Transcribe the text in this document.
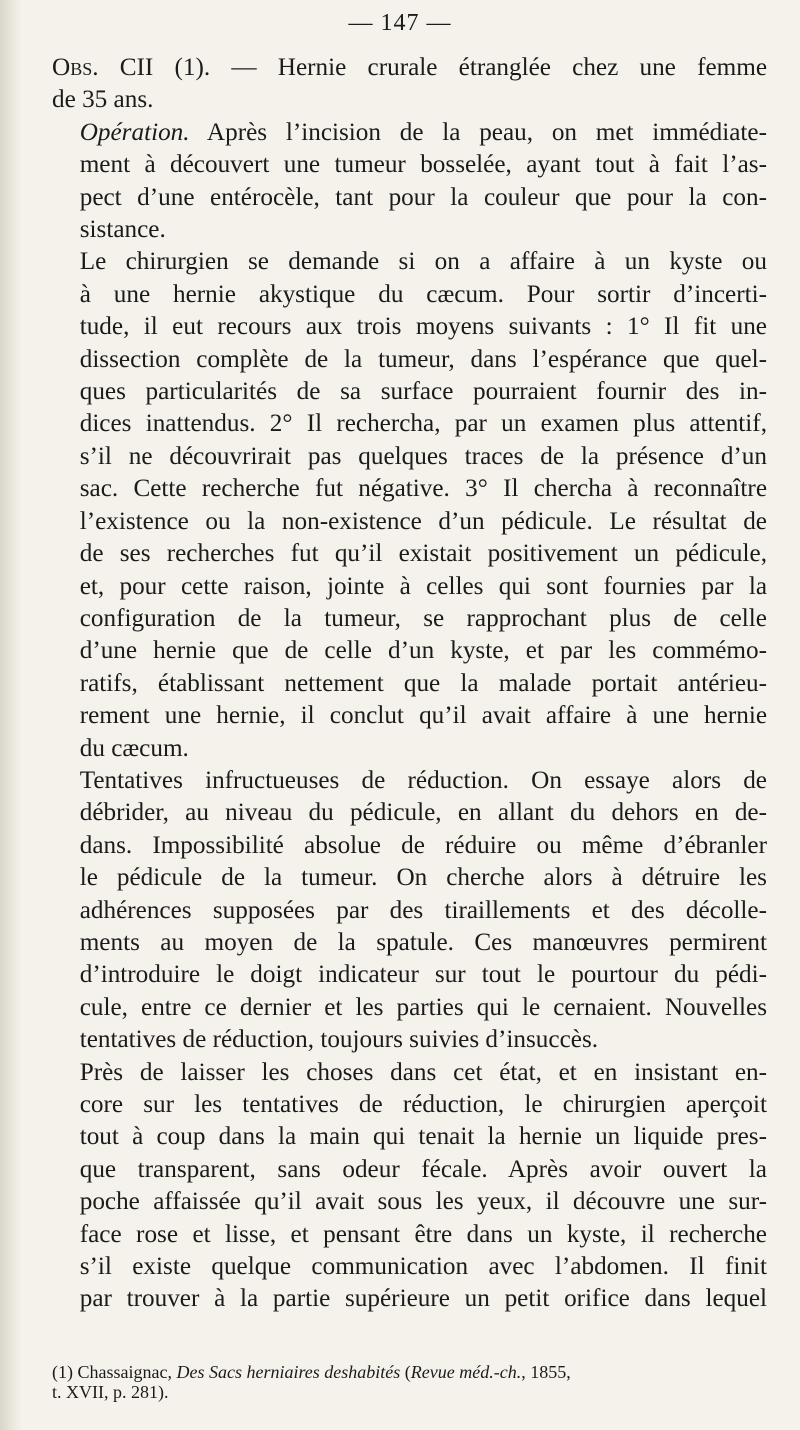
— 147 —

Obs. CII (1). — Hernie crurale étranglée chez une femme
de 35 ans.

Opération. Après l’incision de la peau, on met immédiate-
ment à découvert une tumeur bosselée, ayant tout à fait l’as-
pect d’une entérocèle, tant pour la couleur que pour la con-
sistance.

Le chirurgien se demande si on a affaire à un kyste ou
à une hernie akystique du cæcum. Pour sortir d’incerti-
tude, il eut recours aux trois moyens suivants : 1° Il fit une
dissection complète de la tumeur, dans l’espérance que quel-
ques particularités de sa surface pourraient fournir des in-
dices inattendus. 2° Il rechercha, par un examen plus attentif,
s’il ne découvrirait pas quelques traces de la présence d’un
sac. Cette recherche fut négative. 3° Il chercha à reconnaître
l’existence ou la non-existence d’un pédicule. Le résultat de
de ses recherches fut qu’il existait positivement un pédicule,
et, pour cette raison, jointe à celles qui sont fournies par la
configuration de la tumeur, se rapprochant plus de celle
d’une hernie que de celle d’un kyste, et par les commémo-
ratifs, établissant nettement que la malade portait antérieu-
rement une hernie, il conclut qu’il avait affaire à une hernie
du cæcum.

Tentatives infructueuses de réduction. On essaye alors de
débrider, au niveau du pédicule, en allant du dehors en de-
dans. Impossibilité absolue de réduire ou même d’ébranler
le pédicule de la tumeur. On cherche alors à détruire les
adhérences supposées par des tiraillements et des décolle-
ments au moyen de la spatule. Ces manœuvres permirent
d’introduire le doigt indicateur sur tout le pourtour du pédi-
cule, entre ce dernier et les parties qui le cernaient. Nouvelles
tentatives de réduction, toujours suivies d’insuccès.

Près de laisser les choses dans cet état, et en insistant en-
core sur les tentatives de réduction, le chirurgien aperçoit
tout à coup dans la main qui tenait la hernie un liquide pres-
que transparent, sans odeur fécale. Après avoir ouvert la
poche affaissée qu’il avait sous les yeux, il découvre une sur-
face rose et lisse, et pensant être dans un kyste, il recherche
s’il existe quelque communication avec l’abdomen. Il finit
par trouver à la partie supérieure un petit orifice dans lequel

(1) Chassaignac, Des Sacs herniaires deshabités (Revue méd.-ch., 1855,
t. XVII, p. 281).
